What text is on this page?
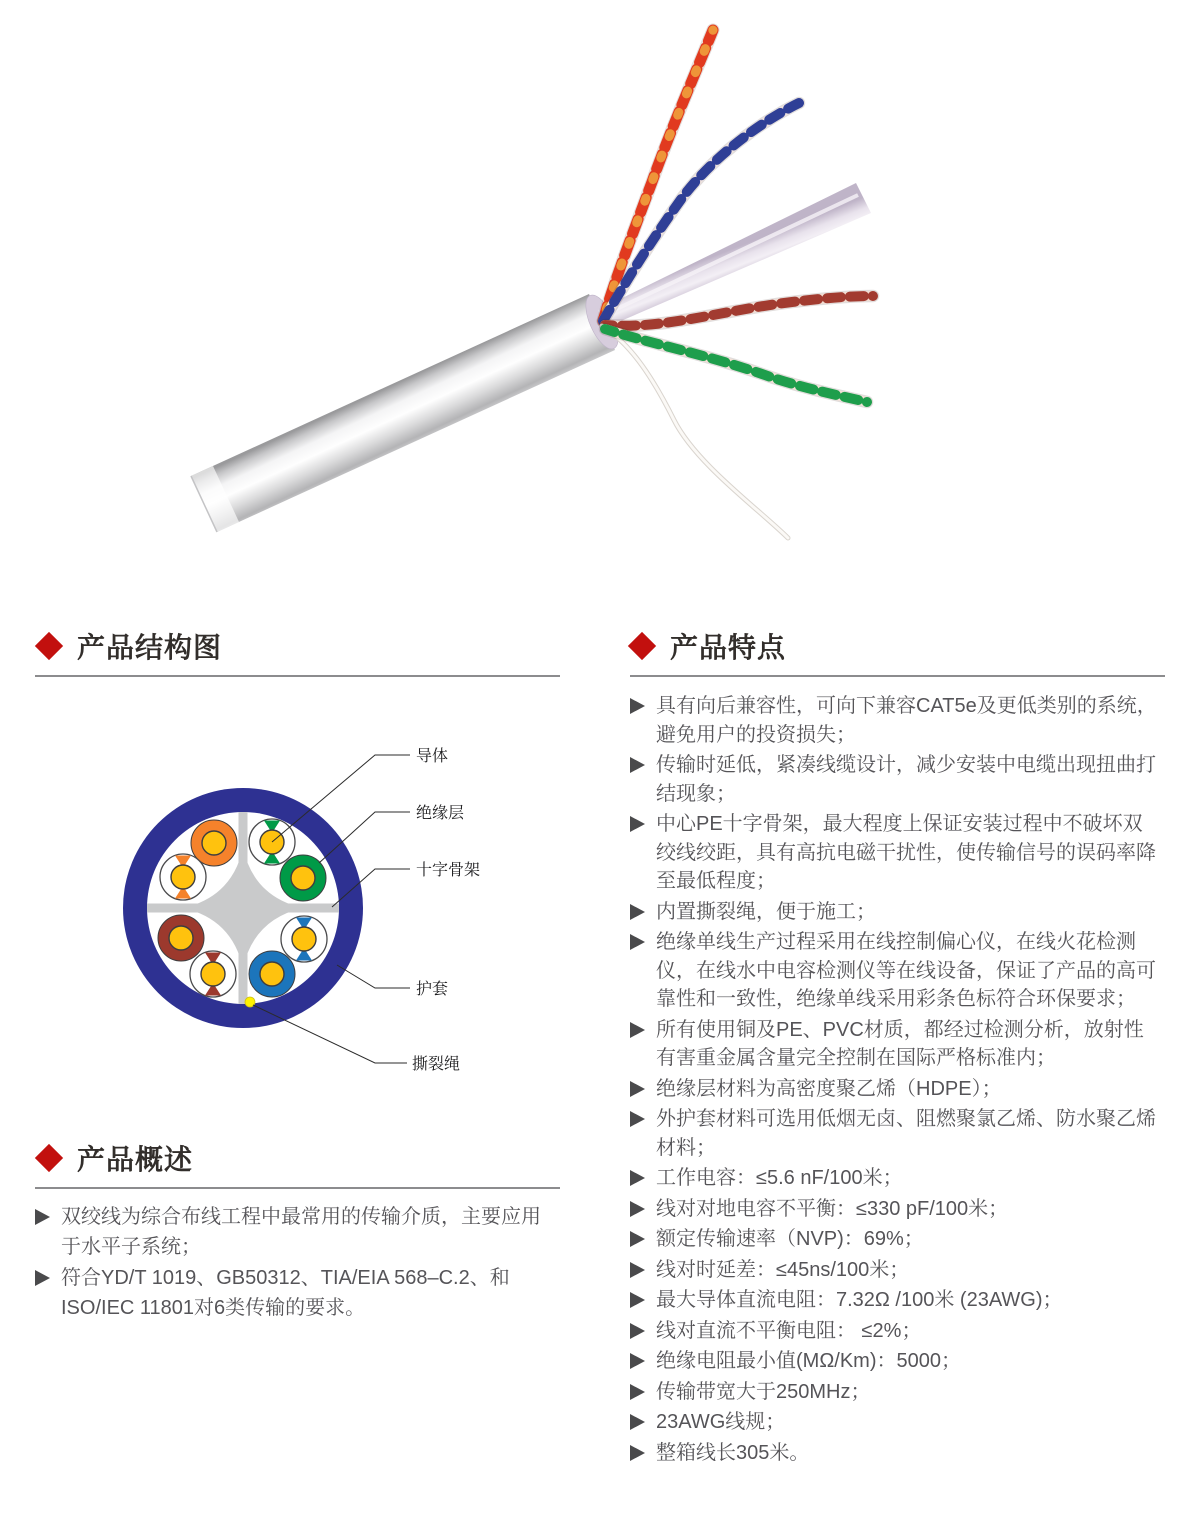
产品结构图
导体
绝缘层
十字骨架
护套
撕裂绳
产品概述
双绞线为综合布线工程中最常用的传输介质，主要应用于水平子系统；
符合YD/T 1019、GB50312、TIA/EIA 568–C.2、和ISO/IEC 11801对6类传输的要求。
产品特点
具有向后兼容性，可向下兼容CAT5e及更低类别的系统，避免用户的投资损失；
传输时延低，紧凑线缆设计，减少安装中电缆出现扭曲打结现象；
中心PE十字骨架，最大程度上保证安装过程中不破坏双绞线绞距，具有高抗电磁干扰性，使传输信号的误码率降至最低程度；
内置撕裂绳，便于施工；
绝缘单线生产过程采用在线控制偏心仪，在线火花检测仪，在线水中电容检测仪等在线设备，保证了产品的高可靠性和一致性，绝缘单线采用彩条色标符合环保要求；
所有使用铜及PE、PVC材质，都经过检测分析，放射性有害重金属含量完全控制在国际严格标准内；
绝缘层材料为高密度聚乙烯（HDPE）；
外护套材料可选用低烟无卤、阻燃聚氯乙烯、防水聚乙烯材料；
工作电容：≤5.6 nF/100米；
线对对地电容不平衡：≤330 pF/100米；
额定传输速率（NVP)：69%；
线对时延差：≤45ns/100米；
最大导体直流电阻：7.32Ω /100米 (23AWG)；
线对直流不平衡电阻： ≤2%；
绝缘电阻最小值(MΩ/Km)：5000；
传输带宽大于250MHz；
23AWG线规；
整箱线长305米。
